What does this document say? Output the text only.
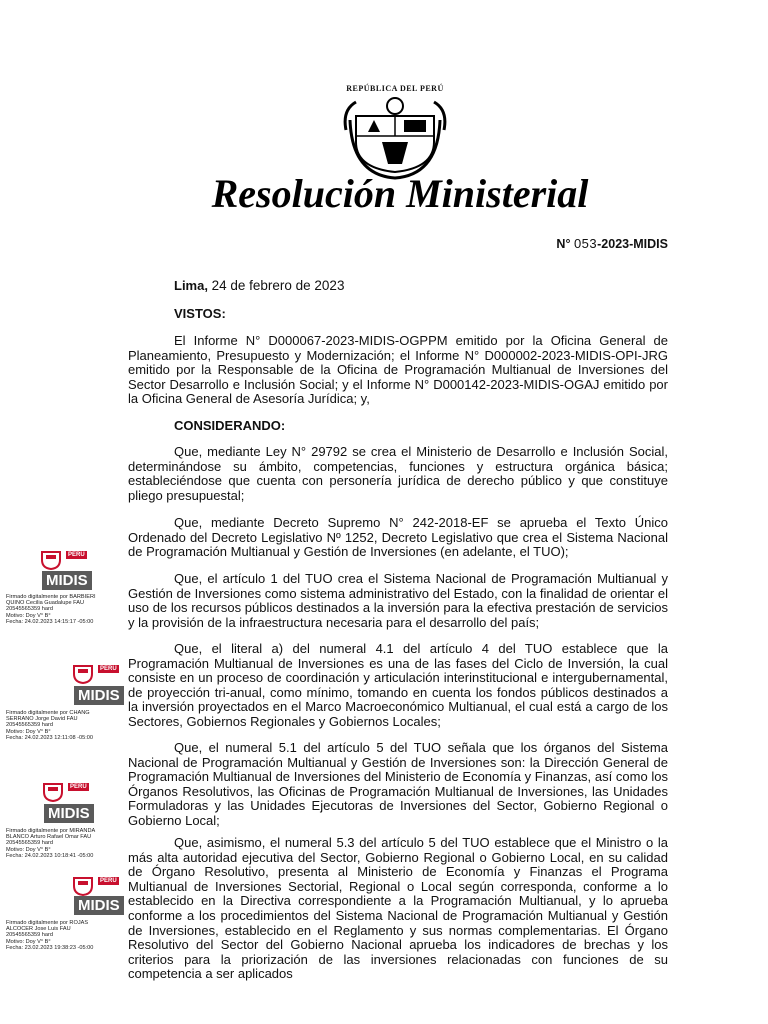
REPÚBLICA DEL PERÚ
Resolución Ministerial
N° 053-2023-MIDIS
Lima, 24 de febrero de 2023
VISTOS:
El Informe N° D000067-2023-MIDIS-OGPPM emitido por la Oficina General de Planeamiento, Presupuesto y Modernización; el Informe N° D000002-2023-MIDIS-OPI-JRG emitido por la Responsable de la Oficina de Programación Multianual de Inversiones del Sector Desarrollo e Inclusión Social; y el Informe N° D000142-2023-MIDIS-OGAJ emitido por la Oficina General de Asesoría Jurídica; y,
CONSIDERANDO:
Que, mediante Ley N° 29792 se crea el Ministerio de Desarrollo e Inclusión Social, determinándose su ámbito, competencias, funciones y estructura orgánica básica; estableciéndose que cuenta con personería jurídica de derecho público y que constituye pliego presupuestal;
Que, mediante Decreto Supremo N° 242-2018-EF se aprueba el Texto Único Ordenado del Decreto Legislativo Nº 1252, Decreto Legislativo que crea el Sistema Nacional de Programación Multianual y Gestión de Inversiones (en adelante, el TUO);
Que, el artículo 1 del TUO crea el Sistema Nacional de Programación Multianual y Gestión de Inversiones como sistema administrativo del Estado, con la finalidad de orientar el uso de los recursos públicos destinados a la inversión para la efectiva prestación de servicios y la provisión de la infraestructura necesaria para el desarrollo del país;
Que, el literal a) del numeral 4.1 del artículo 4 del TUO establece que la Programación Multianual de Inversiones es una de las fases del Ciclo de Inversión, la cual consiste en un proceso de coordinación y articulación interinstitucional e intergubernamental, de proyección tri-anual, como mínimo, tomando en cuenta los fondos públicos destinados a la inversión proyectados en el Marco Macroeconómico Multianual, el cual está a cargo de los Sectores, Gobiernos Regionales y Gobiernos Locales;
Que, el numeral 5.1 del artículo 5 del TUO señala que los órganos del Sistema Nacional de Programación Multianual y Gestión de Inversiones son: la Dirección General de Programación Multianual de Inversiones del Ministerio de Economía y Finanzas, así como los Órganos Resolutivos, las Oficinas de Programación Multianual de Inversiones, las Unidades Formuladoras y las Unidades Ejecutoras de Inversiones del Sector, Gobierno Regional o Gobierno Local;
Que, asimismo, el numeral 5.3 del artículo 5 del TUO establece que el Ministro o la más alta autoridad ejecutiva del Sector, Gobierno Regional o Gobierno Local, en su calidad de Órgano Resolutivo, presenta al Ministerio de Economía y Finanzas el Programa Multianual de Inversiones Sectorial, Regional o Local según corresponda, conforme a lo establecido en la Directiva correspondiente a la Programación Multianual, y lo aprueba conforme a los procedimientos del Sistema Nacional de Programación Multianual y Gestión de Inversiones, establecido en el Reglamento y sus normas complementarias. El Órgano Resolutivo del Sector del Gobierno Nacional aprueba los indicadores de brechas y los criterios para la priorización de las inversiones relacionadas con funciones de su competencia a ser aplicados
PERÚ
MIDIS
Firmado digitalmente por BARBIERI
QUINO Cecilia Guadalupe FAU
20545565359 hard
Motivo: Doy V° B°
Fecha: 24.02.2023 14:15:17 -05:00
PERÚ
MIDIS
Firmado digitalmente por CHANG
SERRANO Jorge David FAU
20545565359 hard
Motivo: Doy V° B°
Fecha: 24.02.2023 12:11:08 -05:00
PERÚ
MIDIS
Firmado digitalmente por MIRANDA
BLANCO Arturo Rafael Omar FAU
20545565359 hard
Motivo: Doy V° B°
Fecha: 24.02.2023 10:18:41 -05:00
PERÚ
MIDIS
Firmado digitalmente por ROJAS
ALCOCER Jose Luis FAU
20545565359 hard
Motivo: Doy V° B°
Fecha: 23.02.2023 19:38:23 -05:00
